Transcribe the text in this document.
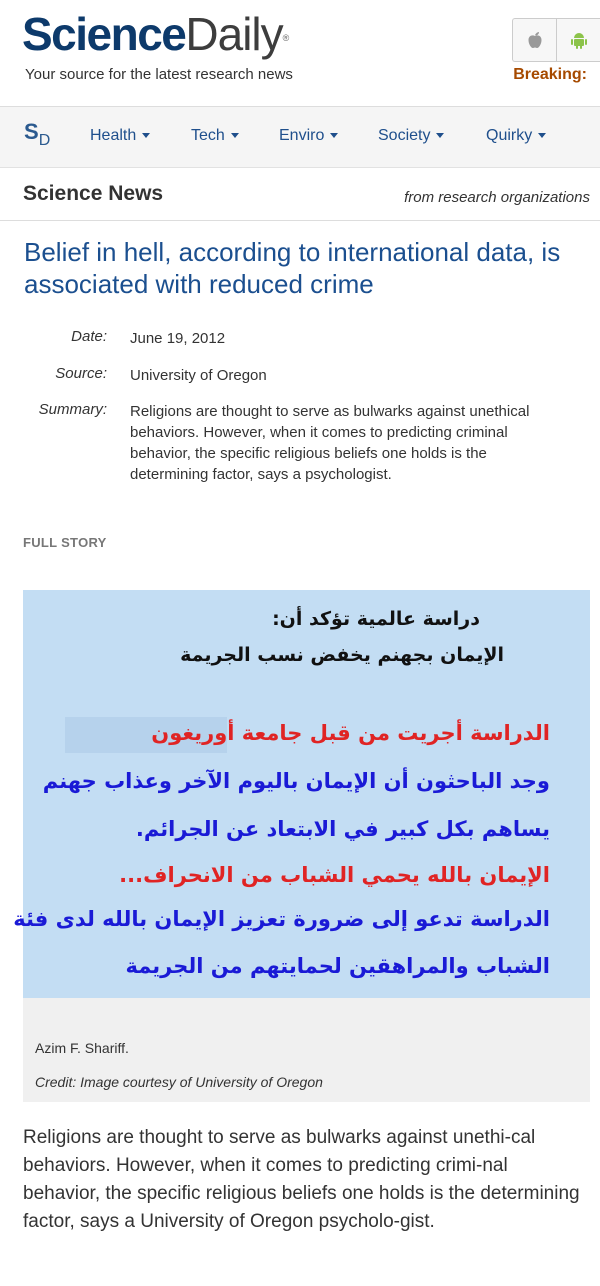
ScienceDaily®
Your source for the latest research news	Breaking:
$S_D$ Health	Tech	Enviro	Society	Quirky
Science News	from research organizations
Belief in hell, according to international data, is associated with reduced crime
Date: June 19, 2012
Source: University of Oregon
Summary: Religions are thought to serve as bulwarks against unethical behaviors. However, when it comes to predicting criminal behavior, the specific religious beliefs one holds is the determining factor, says a psychologist.
FULL STORY
دراسة عالمية تؤكد أن:
الإيمان بجهنم يخفض نسب الجريمة
الدراسة أجريت من قبل جامعة أوريغون
وجد الباحثون أن الإيمان باليوم الآخر وعذاب جهنم
يساهم بكل كبير في الابتعاد عن الجرائم.
الإيمان بالله يحمي الشباب من الانحراف...
الدراسة تدعو إلى ضرورة تعزيز الإيمان بالله لدى فئة
الشباب والمراهقين لحمايتهم من الجريمة
Azim F. Shariff.
Credit: Image courtesy of University of Oregon
Religions are thought to serve as bulwarks against unethi-cal behaviors. However, when it comes to predicting crimi-nal behavior, the specific religious beliefs one holds is the determining factor, says a University of Oregon psycholo-gist.
